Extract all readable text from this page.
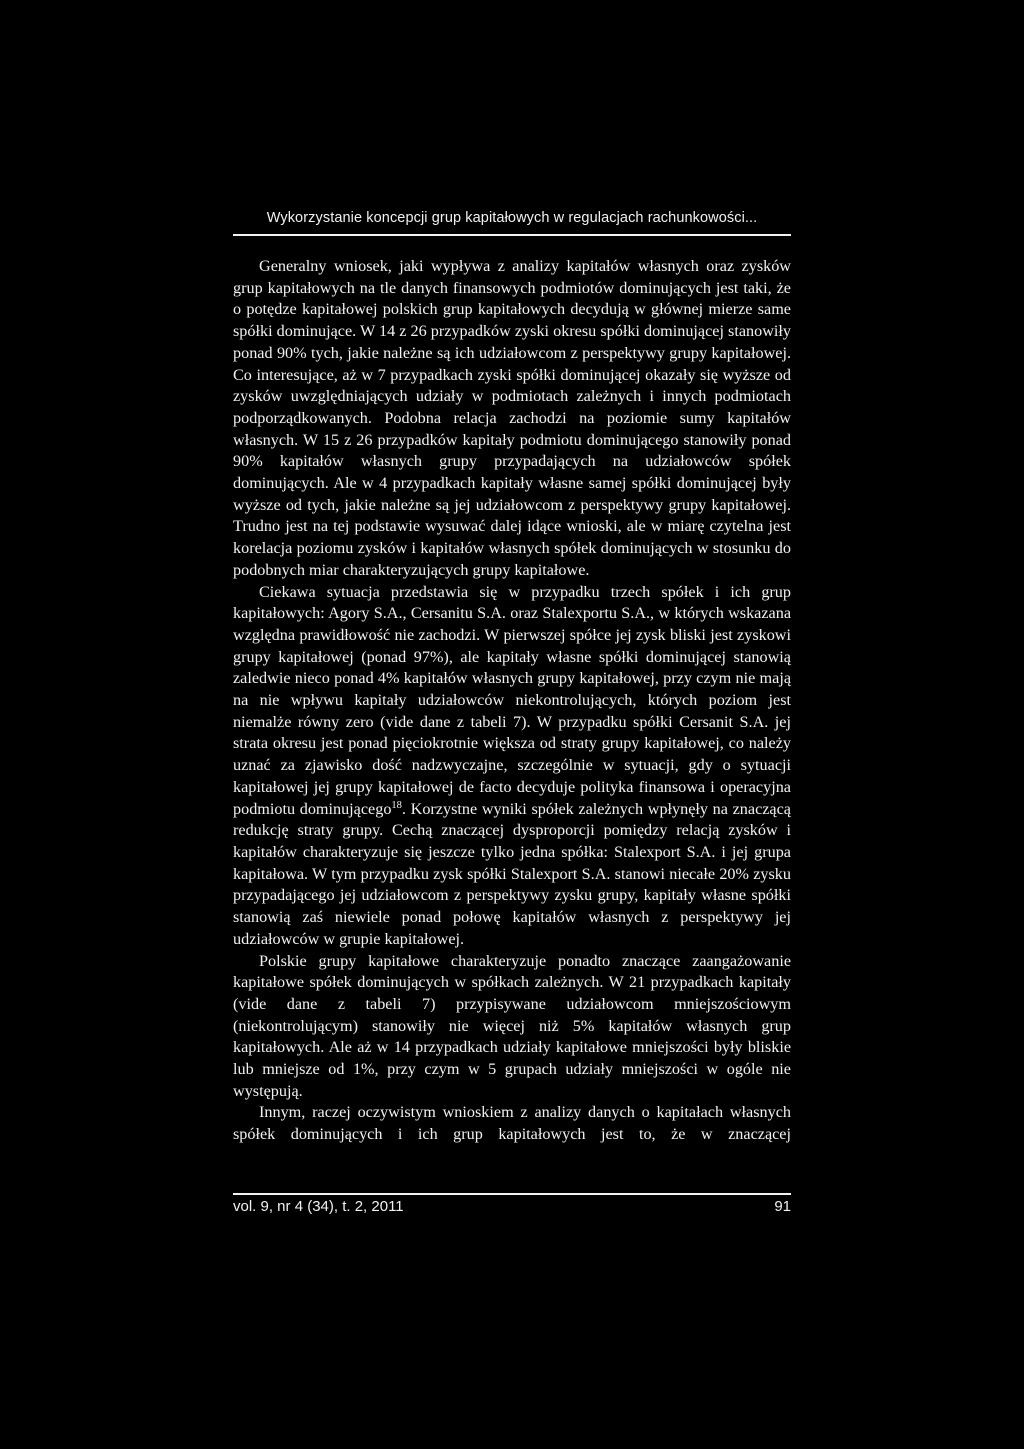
Wykorzystanie koncepcji grup kapitałowych w regulacjach rachunkowości...

Generalny wniosek, jaki wypływa z analizy kapitałów własnych oraz zysków grup kapitałowych na tle danych finansowych podmiotów dominujących jest taki, że o potędze kapitałowej polskich grup kapitałowych decydują w głównej mierze same spółki dominujące. W 14 z 26 przypadków zyski okresu spółki dominującej stanowiły ponad 90% tych, jakie należne są ich udziałowcom z perspektywy grupy kapitałowej. Co interesujące, aż w 7 przypadkach zyski spółki dominującej okazały się wyższe od zysków uwzględniających udziały w podmiotach zależnych i innych podmiotach podporządkowanych. Podobna relacja zachodzi na poziomie sumy kapitałów własnych. W 15 z 26 przypadków kapitały podmiotu dominującego stanowiły ponad 90% kapitałów własnych grupy przypadających na udziałowców spółek dominujących. Ale w 4 przypadkach kapitały własne samej spółki dominującej były wyższe od tych, jakie należne są jej udziałowcom z perspektywy grupy kapitałowej. Trudno jest na tej podstawie wysuwać dalej idące wnioski, ale w miarę czytelna jest korelacja poziomu zysków i kapitałów własnych spółek dominujących w stosunku do podobnych miar charakteryzujących grupy kapitałowe.

Ciekawa sytuacja przedstawia się w przypadku trzech spółek i ich grup kapitałowych: Agory S.A., Cersanitu S.A. oraz Stalexportu S.A., w których wskazana względna prawidłowość nie zachodzi. W pierwszej spółce jej zysk bliski jest zyskowi grupy kapitałowej (ponad 97%), ale kapitały własne spółki dominującej stanowią zaledwie nieco ponad 4% kapitałów własnych grupy kapitałowej, przy czym nie mają na nie wpływu kapitały udziałowców niekontrolujących, których poziom jest niemalże równy zero (vide dane z tabeli 7). W przypadku spółki Cersanit S.A. jej strata okresu jest ponad pięciokrotnie większa od straty grupy kapitałowej, co należy uznać za zjawisko dość nadzwyczajne, szczególnie w sytuacji, gdy o sytuacji kapitałowej jej grupy kapitałowej de facto decyduje polityka finansowa i operacyjna podmiotu dominującego$^{18}$. Korzystne wyniki spółek zależnych wpłynęły na znaczącą redukcję straty grupy. Cechą znaczącej dysproporcji pomiędzy relacją zysków i kapitałów charakteryzuje się jeszcze tylko jedna spółka: Stalexport S.A. i jej grupa kapitałowa. W tym przypadku zysk spółki Stalexport S.A. stanowi niecałe 20% zysku przypadającego jej udziałowcom z perspektywy zysku grupy, kapitały własne spółki stanowią zaś niewiele ponad połowę kapitałów własnych z perspektywy jej udziałowców w grupie kapitałowej.

Polskie grupy kapitałowe charakteryzuje ponadto znaczące zaangażowanie kapitałowe spółek dominujących w spółkach zależnych. W 21 przypadkach kapitały (vide dane z tabeli 7) przypisywane udziałowcom mniejszościowym (niekontrolującym) stanowiły nie więcej niż 5% kapitałów własnych grup kapitałowych. Ale aż w 14 przypadkach udziały kapitałowe mniejszości były bliskie lub mniejsze od 1%, przy czym w 5 grupach udziały mniejszości w ogóle nie występują.

Innym, raczej oczywistym wnioskiem z analizy danych o kapitałach własnych spółek dominujących i ich grup kapitałowych jest to, że w znaczącej

vol. 9, nr 4 (34), t. 2, 2011	91
